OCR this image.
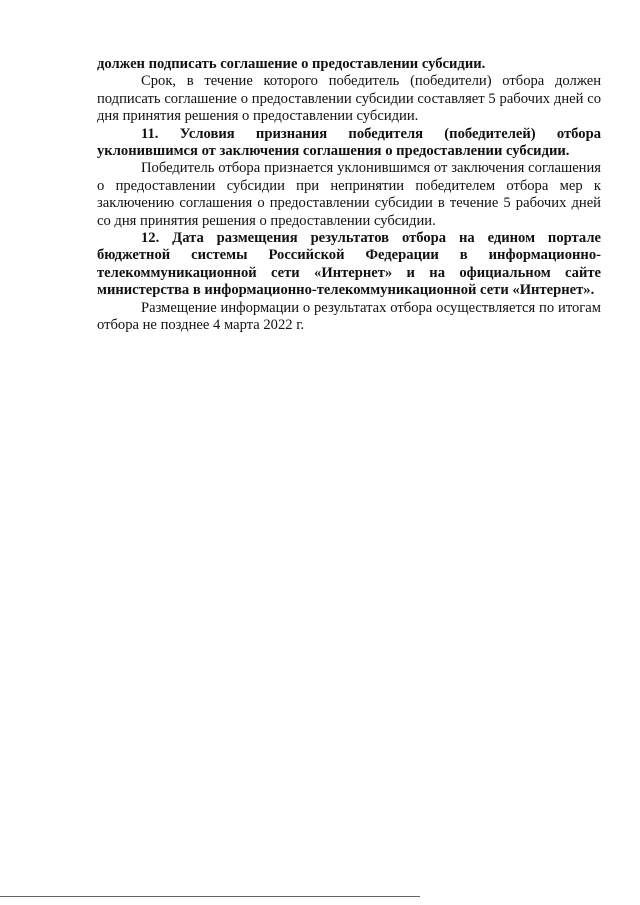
должен подписать соглашение о предоставлении субсидии.

Срок, в течение которого победитель (победители) отбора должен подписать соглашение о предоставлении субсидии составляет 5 рабочих дней со дня принятия решения о предоставлении субсидии.

11. Условия признания победителя (победителей) отбора уклонившимся от заключения соглашения о предоставлении субсидии.

Победитель отбора признается уклонившимся от заключения соглашения о предоставлении субсидии при непринятии победителем отбора мер к заключению соглашения о предоставлении субсидии в течение 5 рабочих дней со дня принятия решения о предоставлении субсидии.

12. Дата размещения результатов отбора на едином портале бюджетной системы Российской Федерации в информационно-телекоммуникационной сети «Интернет» и на официальном сайте министерства в информационно-телекоммуникационной сети «Интернет».

Размещение информации о результатах отбора осуществляется по итогам отбора не позднее 4 марта 2022 г.
